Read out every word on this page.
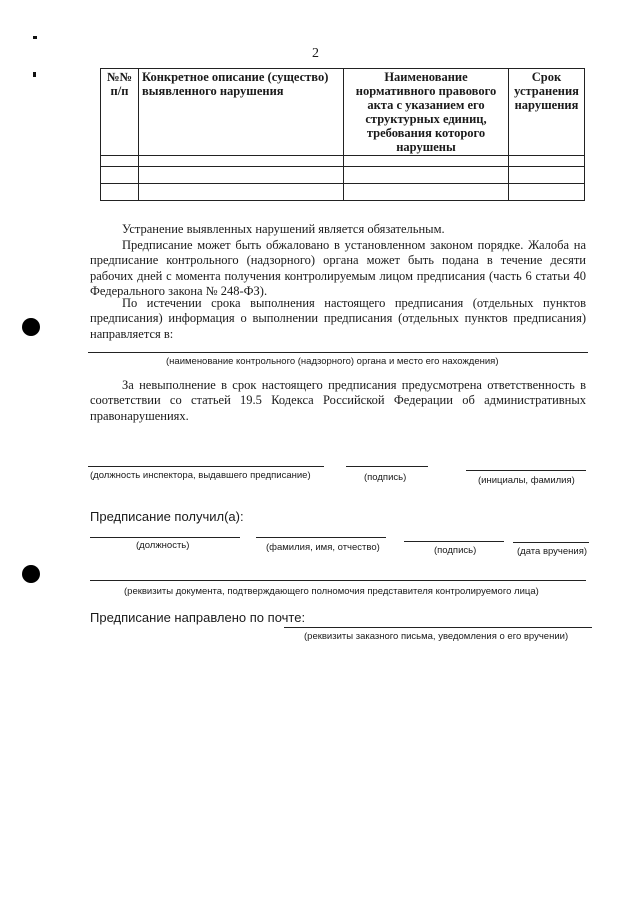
2
№№ п/п	Конкретное описание (существо) выявленного нарушения	Наименование нормативного правового акта с указанием его структурных единиц, требования которого нарушены	Срок устранения нарушения

Устранение выявленных нарушений является обязательным.

Предписание может быть обжаловано в установленном законом порядке. Жалоба на предписание контрольного (надзорного) органа может быть подана в течение десяти рабочих дней с момента получения контролируемым лицом предписания (часть 6 статьи 40 Федерального закона № 248-ФЗ).

По истечении срока выполнения настоящего предписания (отдельных пунктов предписания) информация о выполнении предписания (отдельных пунктов предписания) направляется в:

(наименование контрольного (надзорного) органа и место его нахождения)

За невыполнение в срок настоящего предписания предусмотрена ответственность в соответствии со статьей 19.5 Кодекса Российской Федерации об административных правонарушениях.

(должность инспектора, выдавшего предписание)	(подпись)	(инициалы, фамилия)
Предписание получил(а):
(должность)	(фамилия, имя, отчество)	(подпись)	(дата вручения)
(реквизиты документа, подтверждающего полномочия представителя контролируемого лица)
Предписание направлено по почте:
(реквизиты заказного письма, уведомления о его вручении)
